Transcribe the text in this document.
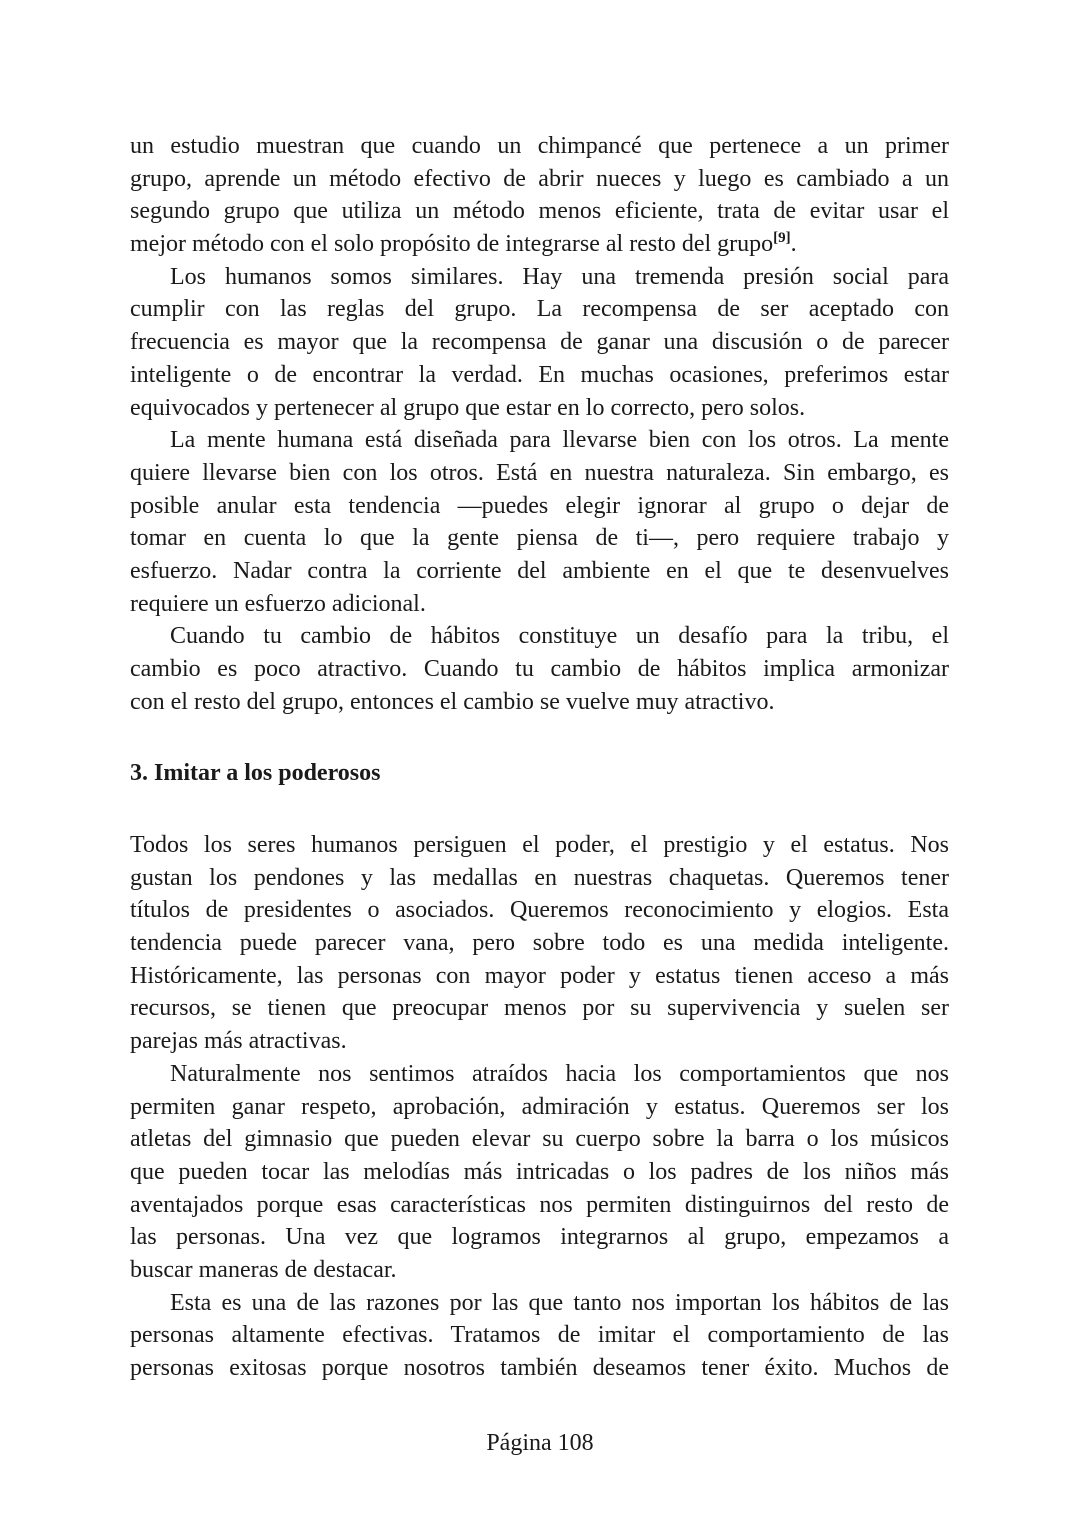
un estudio muestran que cuando un chimpancé que pertenece a un primer
grupo, aprende un método efectivo de abrir nueces y luego es cambiado a un
segundo grupo que utiliza un método menos eficiente, trata de evitar usar el
mejor método con el solo propósito de integrarse al resto del grupo[9].
Los humanos somos similares. Hay una tremenda presión social para
cumplir con las reglas del grupo. La recompensa de ser aceptado con
frecuencia es mayor que la recompensa de ganar una discusión o de parecer
inteligente o de encontrar la verdad. En muchas ocasiones, preferimos estar
equivocados y pertenecer al grupo que estar en lo correcto, pero solos.
La mente humana está diseñada para llevarse bien con los otros. La mente
quiere llevarse bien con los otros. Está en nuestra naturaleza. Sin embargo, es
posible anular esta tendencia —puedes elegir ignorar al grupo o dejar de
tomar en cuenta lo que la gente piensa de ti—, pero requiere trabajo y
esfuerzo. Nadar contra la corriente del ambiente en el que te desenvuelves
requiere un esfuerzo adicional.
Cuando tu cambio de hábitos constituye un desafío para la tribu, el
cambio es poco atractivo. Cuando tu cambio de hábitos implica armonizar
con el resto del grupo, entonces el cambio se vuelve muy atractivo.
3. Imitar a los poderosos
Todos los seres humanos persiguen el poder, el prestigio y el estatus. Nos
gustan los pendones y las medallas en nuestras chaquetas. Queremos tener
títulos de presidentes o asociados. Queremos reconocimiento y elogios. Esta
tendencia puede parecer vana, pero sobre todo es una medida inteligente.
Históricamente, las personas con mayor poder y estatus tienen acceso a más
recursos, se tienen que preocupar menos por su supervivencia y suelen ser
parejas más atractivas.
Naturalmente nos sentimos atraídos hacia los comportamientos que nos
permiten ganar respeto, aprobación, admiración y estatus. Queremos ser los
atletas del gimnasio que pueden elevar su cuerpo sobre la barra o los músicos
que pueden tocar las melodías más intricadas o los padres de los niños más
aventajados porque esas características nos permiten distinguirnos del resto de
las personas. Una vez que logramos integrarnos al grupo, empezamos a
buscar maneras de destacar.
Esta es una de las razones por las que tanto nos importan los hábitos de las
personas altamente efectivas. Tratamos de imitar el comportamiento de las
personas exitosas porque nosotros también deseamos tener éxito. Muchos de
Página 108
